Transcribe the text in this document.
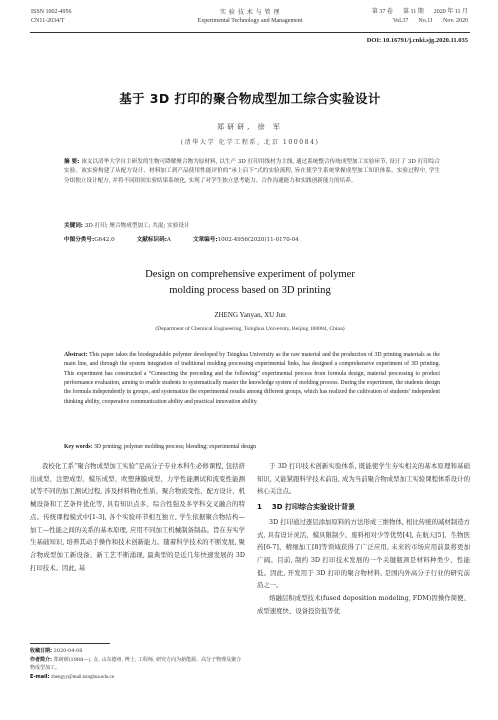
ISSN 1002-4956
CN11-2034/T
实 验 技 术 与 管 理
Experimental Technology and Management
第 37 卷 第 11 期 2020 年 11 月
Vol.37 No.11 Nov. 2020
DOI: 10.16791/j.cnki.sjg.2020.11.035
基于 3D 打印的聚合物成型加工综合实验设计
郑研研, 徐 军
(清华大学 化学工程系, 北京 100084)
摘 要: 该文以清华大学自主研发的生物可降解聚合物为原材料, 以生产 3D 打印用线材为主线, 通过系统整合传统成型加工实验环节, 设计了 3D 打印综合实验。该实验构建了从配方设计、材料加工到产品使用性能评价的“承上启下”式的实验流程, 旨在使学生系统掌握成型加工知识体系。实验过程中, 学生分组独立设计配方, 并将不同组间实验结果系统化, 实现了对学生独立思考能力、合作沟通能力和实践创新能力的培养。
关键词: 3D 打印; 聚合物成型加工; 共混; 实验设计
中图分类号:G642.0	文献标识码:A	文章编号:1002-4956(2020)11-0170-04
Design on comprehensive experiment of polymer
molding process based on 3D printing
ZHENG Yanyan, XU Jun
(Department of Chemical Engineering, Tsinghua University, Beijing 100084, China)
Abstract: This paper takes the biodegradable polymer developed by Tsinghua University as the raw material and the production of 3D printing materials as the main line, and through the system integration of traditional molding processing experimental links, has designed a comprehensive experiment of 3D printing. This experiment has constructed a “Connecting the preceding and the following” experimental process from formula design, material processing to product performance evaluation, aiming to enable students to systematically master the knowledge system of molding process. During the experiment, the students design the formula independently in groups, and systematize the experimental results among different groups, which has realized the cultivation of students’ independent thinking ability, cooperative communication ability and practical innovation ability.
Key words: 3D printing; polymer molding process; blending; experimental design
我校化工系“聚合物成型加工实验”是高分子专业本科生必修课程, 包括挤出成型、注塑成型、模压成型、吹塑薄膜成型、力学性能测试和流变性能测试等不同的加工测试过程, 涉及材料物化性质、聚合物流变性、配方设计、机械设备和工艺条件优化等, 具有知识点多、综合性强及多学科交叉融合的特点。传统课程模式中[1-3], 各个实验环节相互独立, 学生依据聚合物结构—加工—性能之间的关系的基本原理, 应用不同加工机械制备制品。旨在夯实学生基础知识, 培养其动手操作和技术创新能力。随着科学技术的不断发展, 聚合物成型加工新设备、新工艺不断涌现, 最典型的是近几年快速发展的 3D 打印技术。因此, 基

于 3D 打印技术创新实验体系, 既能使学生夯实相关的基本原理和基础知识, 又能紧跟科学技术前沿, 成为当前聚合物成型加工实验课程体系设计的核心关注点。

1 3D 打印综合实验设计背景

3D 打印通过逐层添加原料的方法形成三维物体, 相比传统的减材制造方式, 具有设计灵活、模具限制少、废料相对少等优势[4], 在航天[5]、生物医药[6-7]、精细加工[8]等领域获得了广泛应用, 未来的市场应用前景将更加广阔。目前, 制约 3D 打印技术发展的一个关键瓶颈是材料种类少、性能低。因此, 开发用于 3D 打印的聚合物材料, 是国内外高分子行业的研究前沿之一。

熔融层积成型技术(fused deposition modeling, FDM)因操作简便、成型速度快、设备投资低等优

收稿日期: 2020-04-08
作者简介: 郑研研(1988—), 女, 山东德州, 博士, 工程师, 研究方向为新能源、高分子物理及聚合物成型加工。
E-mail: zhengyy@mail.tsinghua.edu.cn
